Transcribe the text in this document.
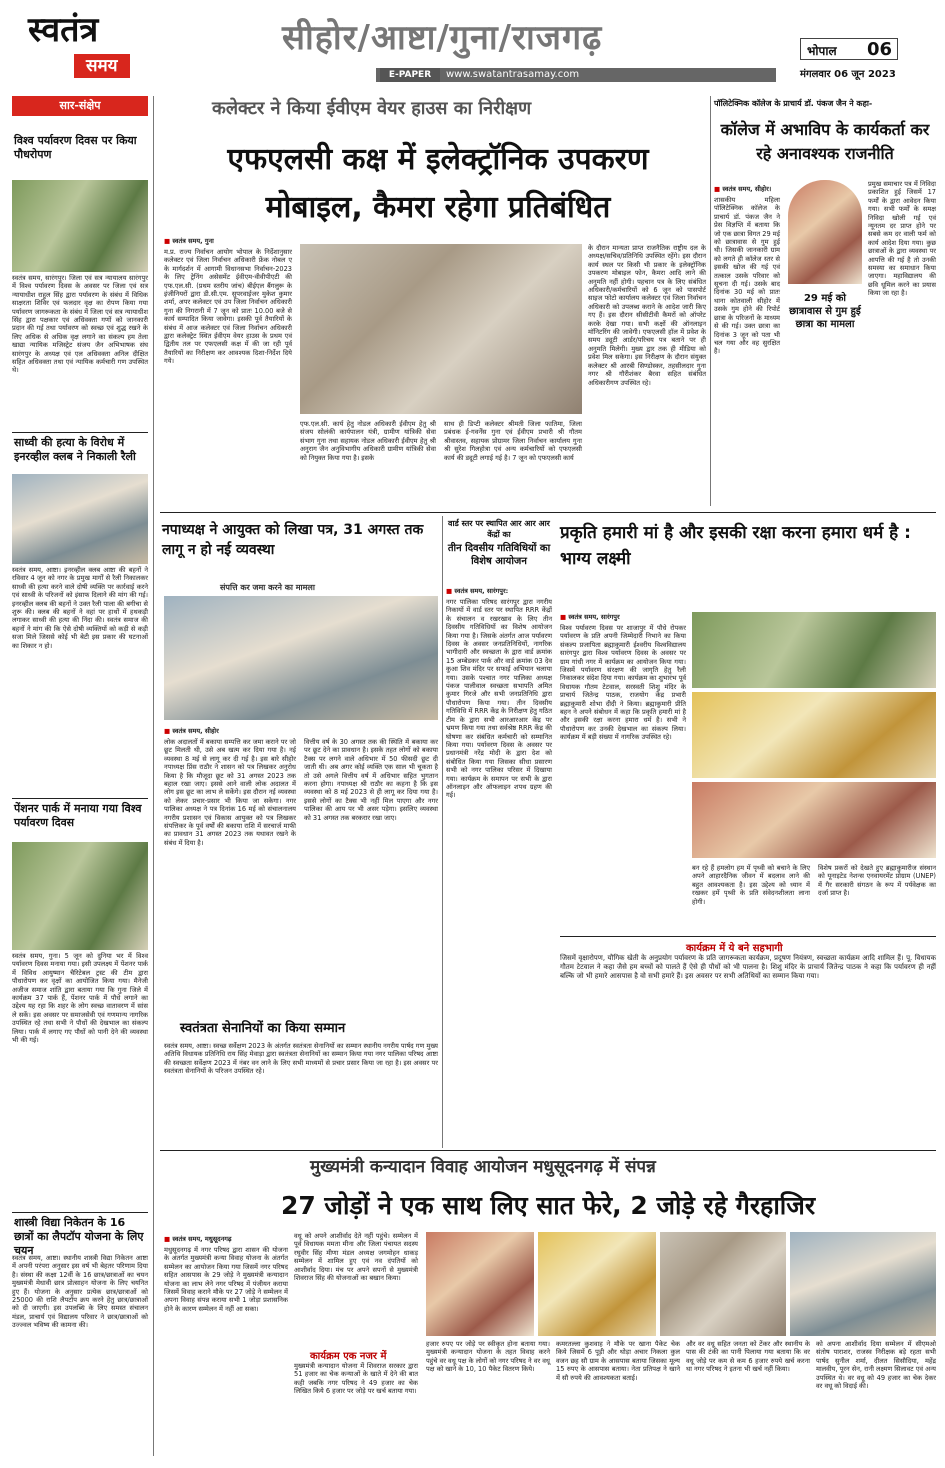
स्वतंत्र
समय
सीहोर/आष्टा/गुना/राजगढ़
E-PAPER	www.swatantrasamay.com
भोपाल 06
मंगलवार 06 जून 2023
सार-संक्षेप
विश्व पर्यावरण दिवस पर किया पौधरोपण
स्वतंत्र समय, सारंगपुर। जिला एवं सत्र न्यायालय सारंगपुर में विश्व पर्यावरण दिवस के अवसर पर जिला एवं सत्र न्यायाधीश राहुल सिंह द्वारा पर्यावरण के संबंध में विधिक साक्षरता शिविर एवं फलदार वृक्ष का रोपण किया गया पर्यावरण जागरूकता के संबंध में जिला एवं सत्र न्यायाधीश सिंह द्वारा पक्षकार एवं अधिवक्ता गणों को जानकारी प्रदान की गई तथा पर्यावरण को स्वच्छ एवं शुद्ध रखने के लिए अधिक से अधिक वृक्ष लगाने का संकल्प हम तेला खाद्या न्यायिक मजिस्ट्रेट संजय जैन अभिभाषक संघ सारंगपुर के अध्यक्ष एवं एल अधिवक्ता अनिल दीक्षित सहित अधिवक्ता तथा एवं न्यायिक कर्मचारी गण उपस्थित थे।
साध्वी की हत्या के विरोध में इनरव्हील क्लब ने निकाली रैली
स्वतंत्र समय, आष्टा। इनरव्हील क्लब आष्टा की बहनों ने रविवार 4 जून को नगर के प्रमुख मार्गों से रैली निकालकर साध्वी की हत्या करने वाले दोषी व्यक्ति पर कार्रवाई करने एवं साध्वी के परिजनों को इंसाफ दिलाने की मांग की गई। इनरव्हील क्लब की बहनों ने उक्त रैली पाला की बगीचा से शुरू की। क्लब की बहनों ने वहां पर हाथों में हथकड़ी लगाकर साध्वी की हत्या की निंदा की। स्वतंत्र समाज की बहनों ने मांग की कि ऐसे दोषी व्यक्तियों को कड़ी से कड़ी सजा मिले जिससे कोई भी बेटी इस प्रकार की घटनाओं का शिकार न हो।
पेंशनर पार्क में मनाया गया विश्व पर्यावरण दिवस
स्वतंत्र समय, गुना। 5 जून को दुनिया भर में विश्व पर्यावरण दिवस मनाया गया। इसी उपलक्ष्य में पेंशनर पार्क में विविध आयुष्मान चैरिटेबल ट्रस्ट की टीम द्वारा पौधारोपण कर वृक्षों का आयोजित किया गया। मैनेजी अजीज समाज शांति द्वारा बताया गया कि गुना जिले में कार्यक्रम 37 पार्क हैं, पेंशनर पार्क में पौधे लगाने का उद्देश्य यह रहा कि शहर के लोग स्वच्छ वातावरण में सांस ले सकें। इस अवसर पर समाजसेवी एवं गणमान्य नागरिक उपस्थित रहे तथा सभी ने पौधों की देखभाल का संकल्प लिया। पार्क में लगाए गए पौधों को पानी देने की व्यवस्था भी की गई।
शास्त्री विद्या निकेतन के 16 छात्रों का लैपटॉप योजना के लिए चयन
स्वतंत्र समय, आष्टा। स्थानीय शास्त्री विद्या निकेतन आष्टा में अपनी परंपरा अनुसार इस वर्ष भी बेहतर परिणाम दिया है। संस्था की कक्षा 12वीं के 16 छात्र/छात्राओं का चयन मुख्यमंत्री मेधावी छात्र प्रोत्साहन योजना के लिए चयनित हुए हैं। योजना के अनुसार प्रत्येक छात्र/छात्राओं को 25000 की राशि लैपटॉप क्रय करने हेतु छात्र/छात्राओं को दी जाएगी। इस उपलब्धि के लिए समस्त संचालन मंडल, प्राचार्य एवं विद्यालय परिवार ने छात्र/छात्राओं को उज्ज्वल भविष्य की कामना की।
कलेक्टर ने किया ईवीएम वेयर हाउस का निरीक्षण
एफएलसी कक्ष में इलेक्ट्रॉनिक उपकरण
मोबाइल, कैमरा रहेगा प्रतिबंधित
■ स्वतंत्र समय, गुना
म.प्र. राज्य निर्वाचन आयोग भोपाल के निर्देशानुसार कलेक्टर एवं जिला निर्वाचन अधिकारी फ्रेंक नोबल ए के मार्गदर्शन में आगामी विधानसभा निर्वाचन-2023 के लिए ट्रेनिंग असेसमेंट ईवीएम-वीवीपीएटी की एफ.एल.सी. (प्रथम स्तरीय जांच) बीईएल बैंगलुरू के इंजीनियरों द्वारा डी.सी.एम. सुपरवाईजर मुकेश कुमार शर्मा, अपर कलेक्टर एवं उप जिला निर्वाचन अधिकारी गुना की निगरानी में 7 जून को प्रातः 10.00 बजे से कार्य सम्पादित किया जावेगा। इसकी पूर्व तैयारियों के संबंध में आज कलेक्टर एवं जिला निर्वाचन अधिकारी द्वारा कलेक्ट्रेट स्थित ईवीएम वेयर हाउस के प्रथम एवं द्वितीय तल पर एफएलसी कक्ष में की जा रही पूर्व तैयारियों का निरीक्षण कर आवश्यक दिशा-निर्देश दिये गये।
एफ.एल.सी. कार्य हेतु नोडल अधिकारी ईवीएम हेतु श्री संजय सोलंकी कार्यपालन यंत्री, ग्रामीण यांत्रिकी सेवा संभाग गुना तथा सहायक नोडल अधिकारी ईवीएम हेतु श्री अनुराग जैन अनुविभागीय अधिकारी ग्रामीण यांत्रिकी सेवा को नियुक्त किया गया है। इसके
साथ ही डिप्टी कलेक्टर श्रीमती जिला फातिमा, जिला प्रबंधक ई-गवर्नेंस गुना एवं ईवीएम प्रभारी श्री गौतम श्रीवास्तव, सहायक प्रोग्रामर जिला निर्वाचन कार्यालय गुना श्री सुरेश गिलहोत्रा एवं अन्य कर्मचारियों को एफएलसी कार्य की ड्यूटी लगाई गई है। 7 जून को एफएलसी कार्य
के दौरान मान्यता प्राप्त राजनैतिक राष्ट्रीय दल के अध्यक्ष/सचिव/प्रतिनिधि उपस्थित रहेंगे। इस दौरान कार्य स्थल पर किसी भी प्रकार के इलेक्ट्रॉनिक उपकरण मोबाइल फोन, कैमरा आदि लाने की अनुमति नहीं होगी। पहचान पत्र के लिए संबंधित अधिकारी/कर्मचारियों को 6 जून को पासपोर्ट साइज फोटो कार्यालय कलेक्टर एवं जिला निर्वाचन अधिकारी को उपलब्ध कराने के आदेश जारी किए गए हैं। इस दौरान सीसीटीवी कैमरों को ऑपरेट करके देखा गया। सभी कक्षों की ऑनलाइन मॉनिटरिंग की जावेगी। एफएलसी हॉल में प्रवेश के समय ड्यूटी आर्डर/परिचय पत्र बताने पर ही अनुमति मिलेगी। मुख्य द्वार तक ही मीडिया को प्रवेश मिल सकेगा। इस निरीक्षण के दौरान संयुक्त कलेक्टर श्री आरबी सिण्डोस्कर, तहसीलदार गुना नगर श्री गौरीशंकर बैरवा सहित संबंधित अधिकारीगण उपस्थित रहे।
पॉलिटेक्निक कॉलेज के प्राचार्य डॉ. पंकज जैन ने कहा-
कॉलेज में अभाविप के कार्यकर्ता कर रहे अनावश्यक राजनीति
■ स्वतंत्र समय, सीहोर।
शासकीय महिला पॉलिटेक्निक कॉलेज के प्राचार्य डॉ. पंकज जैन ने प्रेस विज्ञप्ति में बताया कि जो एक छात्रा विगत 29 मई को छात्रावास से गुम हुई थी। जिसकी जानकारी ग्राम को लगते ही कॉलेज स्तर से इसकी खोज की गई एवं तत्काल उसके परिवार को सूचना दी गई। उसके बाद दिनांक 30 मई को प्रातः थाना कोतवाली सीहोर में उसके गुम होने की रिपोर्ट छात्रा के परिजनों के माध्यम से की गई। उक्त छात्रा का दिनांक 3 जून को पता भी चल गया और वह सुरक्षित है।
29 मई को छात्रावास से गुम हुई छात्रा का मामला
प्रमुख समाचार पत्र में निविदा प्रकाशित हुई जिसमें 17 फर्मों के द्वारा आवेदन किया गया। सभी फर्मों के समक्ष निविदा खोली गई एवं न्यूनतम दर प्राप्त होने पर सबसे कम दर वाली फर्म को कार्य आदेश दिया गया। कुछ छात्राओं के द्वारा व्यवस्था पर आपत्ति की गई है तो उनकी समस्या का समाधान किया जाएगा। महाविद्यालय की छवि धूमिल करने का प्रयास किया जा रहा है।
नपाध्यक्ष ने आयुक्त को लिखा पत्र, 31 अगस्त तक लागू न हो नई व्यवस्था
संपत्ति कर जमा करने का मामला
■ स्वतंत्र समय, सीहोर
लोक अदालतों में बकाया सम्पत्ति कर जमा कराने पर जो छूट मिलती थी, उसे अब खत्म कर दिया गया है। नई व्यवस्था 8 मई से लागू कर दी गई है। इस बारे सीहोर नपाध्यक्ष प्रिंस राठौर ने शासन को पत्र लिखकर अनुरोध किया है कि मौजूदा छूट को 31 अगस्त 2023 तक बहाल रखा जाए। इससे आने वाली लोक अदालत में लोग इस छूट का लाभ ले सकेंगे। इस दौरान नई व्यवस्था को लेकर प्रचार-प्रसार भी किया जा सकेगा। नगर पालिका अध्यक्ष ने पत्र दिनांक 16 मई को संचालनालय नगरीय प्रशासन एवं विकास आयुक्त को पत्र लिखकर संपत्तिकर के पूर्व वर्षों की बकाया राशि में सरचार्ज माफी का प्रावधान 31 अगस्त 2023 तक यथावत रखने के संबंध में दिया है।
वित्तीय वर्ष के 30 अगस्त तक की स्थिति में बकाया कर पर छूट देने का प्रावधान है। इसके तहत लोगों को बकाया टैक्स पर लगने वाले अधिभार में 50 फीसदी छूट दी जाती थी। अब अगर कोई व्यक्ति एक साल भी चूकता है तो उसे अगले वित्तीय वर्ष में अधिभार सहित भुगतान करना होगा। नपाध्यक्ष श्री राठौर का कहना है कि इस व्यवस्था को 8 मई 2023 से ही लागू कर दिया गया है। इससे लोगों का टैक्स भी नहीं मिल पाएगा और नगर पालिका की आय पर भी असर पड़ेगा। इसलिए व्यवस्था को 31 अगस्त तक बरकरार रखा जाए।
स्वतंत्रता सेनानियों का किया सम्मान
स्वतंत्र समय, आष्टा। स्वच्छ सर्वेक्षण 2023 के अंतर्गत स्वतंत्रता सेनानियों का सम्मान स्थानीय नगरीय पार्षद गण मुख्य अतिथि विधायक प्रतिनिधि राय सिंह मेवाड़ा द्वारा स्वतंत्रता सेनानियों का सम्मान किया गया नगर पालिका परिषद आष्टा की स्वच्छता सर्वेक्षण 2023 में नंबर वन लाने के लिए सभी माध्यमों से प्रचार प्रसार किया जा रहा है। इस अवसर पर स्वतंत्रता सेनानियों के परिजन उपस्थित रहे।
वार्ड स्तर पर स्थापित आर आर आर केंद्रों का
तीन दिवसीय गतिविधियों का विशेष आयोजन
■ स्वतंत्र समय, सारंगपुर:
नगर पालिका परिषद सारंगपुर द्वारा नगरीय निकायों में वार्ड स्तर पर स्थापित RRR केंद्रों के संचालन व रखरखाव के लिए तीन दिवसीय गतिविधियों का विशेष आयोजन किया गया है। जिसके अंतर्गत आज पर्यावरण दिवस के अवसर जनप्रतिनिधियों, नागरिक भागीदारी और स्वच्छता के द्वारा वार्ड क्रमांक 15 अम्बेडकर पार्क और वार्ड क्रमांक 03 देव कुआ शिव मंदिर पर सफाई अभियान चलाया गया। उसके पश्चात नगर पालिका अध्यक्ष पंकज पालीवाल स्वच्छता सभापति अमित कुमार गिरजे और सभी जनप्रतिनिधि द्वारा पौधारोपण किया गया। तीन दिवसीय गतिविधि में RRR केंद्र के निरीक्षण हेतु गठित टीम के द्वारा सभी आरआरआर केंद्र पर भ्रमण किया गया तथा सर्वश्रेष्ठ RRR केंद्र की घोषणा कर संबंधित कर्मचारी को सम्मानित किया गया। पर्यावरण दिवस के अवसर पर प्रधानमंत्री नरेंद्र मोदी के द्वारा देश को संबोधित किया गया जिसका सीधा प्रसारण सभी को नगर पालिका परिसर में दिखाया गया। कार्यक्रम के समापन पर सभी के द्वारा ऑनलाइन और ऑफलाइन शपथ ग्रहण की गई।
प्रकृति हमारी मां है और इसकी रक्षा करना हमारा धर्म है : भाग्य लक्ष्मी
■ स्वतंत्र समय, सारंगपुर
विश्व पर्यावरण दिवस पर शाजापुर में पौधे रोपकर पर्यावरण के प्रति अपनी जिम्मेदारी निभाने का किया संकल्प प्रजापिता ब्रह्माकुमारी ईश्वरीय विश्वविद्यालय सारंगपुर द्वारा विश्व पर्यावरण दिवस के अवसर पर ग्राम गांधी नगर में कार्यक्रम का आयोजन किया गया। जिसमें पर्यावरण संरक्षण की जागृति हेतु रैली निकालकर संदेश दिया गया। कार्यक्रम का शुभारंभ पूर्व विधायक गौतम टेटवाल, सरस्वती शिशु मंदिर के प्राचार्य जितेन्द्र पाठक, राजयोग केंद्र प्रभारी ब्रह्माकुमारी शोभा दीदी ने किया। ब्रह्माकुमारी प्रीति बहन ने अपने संबोधन में कहा कि प्रकृति हमारी मां है और इसकी रक्षा करना हमारा धर्म है। सभी ने पौधारोपण कर उनकी देखभाल का संकल्प लिया। कार्यक्रम में बड़ी संख्या में नागरिक उपस्थित रहे।
बन रहे हैं हमलोग हम में पृथ्वी को बचाने के लिए अपने आहारदैनिक जीवन में बदलाव लाने की बहुत आवश्यकता है। इस उद्देश्य को ध्यान में रखकर हमें पृथ्वी के प्रति संवेदनशीलता लाना होगी।
विशेष प्रकरों को देखते हुए ब्रह्माकुमारीज संस्थान को यूनाइटेड नेशन्स एनवायरमेंट प्रोग्राम (UNEP) में गैर सरकारी संगठन के रूप में पर्यवेक्षक का दर्जा प्राप्त है।
कार्यक्रम में ये बने सहभागी
जिसमें वृक्षारोपण, यौगिक खेती के अनुप्रयोग पर्यावरण के प्रति जागरूकता कार्यक्रम, प्रदूषण नियंत्रण, स्वच्छता कार्यक्रम आदि शामिल हैं। पू. विधायक गौतम टेटवाल ने कहा जैसे हम बच्चों को पालते हैं ऐसे ही पौधों को भी पालना है। शिशु मंदिर के प्राचार्य जितेन्द्र पाठक ने कहा कि पर्यावरण ही नहीं बल्कि जो भी हमारे आसपास है वो सभी हमारे हैं। इस अवसर पर सभी अतिथियों का सम्मान किया गया।
मुख्यमंत्री कन्यादान विवाह आयोजन मधुसूदनगढ़ में संपन्न
27 जोड़ों ने एक साथ लिए सात फेरे, 2 जोड़े रहे गैरहाजिर
■ स्वतंत्र समय, मधुसूदनगढ़
मधुसूदनगढ़ में नगर परिषद द्वारा शासन की योजना के अंतर्गत मुख्यमंत्री कन्या विवाह योजना के अंतर्गत सम्मेलन का आयोजन किया गया जिसमें नगर परिषद सहित आसपास के 29 जोड़े ने मुख्यमंत्री कन्यादान योजना का लाभ लेने नगर परिषद में पंजीयन कराया जिसमें विवाह कराने मौके पर 27 जोड़े ने सम्मेलन में अपना विवाह संपन्न कराया सभी 1 जोड़ा प्रशासनिक होने के कारण सम्मेलन में नहीं आ सका।
वधू को अपने आशीर्वाद देते नहीं पहुंचे। सम्मेलन में पूर्व विधायक ममता मीना और जिला पंचायत सदस्य रघुवीर सिंह मीणा मंडल अध्यक्ष जगमोहन धाकड़ सम्मेलन में शामिल हुए एवं नव दंपतियों को आशीर्वाद दिया। मंच पर अपने सपनों से मुख्यमंत्री शिवराज सिंह की योजनाओं का बखान किया।
कार्यक्रम एक नजर में
मुख्यमंत्री कन्यादान योजना में शिवराज सरकार द्वारा 51 हजार का चेक कन्याओं के खाते में देने की बात कही जबकि नगर परिषद ने 49 हजार का चेक लिखित किये 6 हजार पर जोड़े पर खर्च बताया गया।
हजार रुपए पर जोड़े पर स्वीकृत होना बताया गया। मुख्यमंत्री कन्यादान योजना के तहत विवाह करने पहुंचे वर वधू पक्ष के लोगों को नगर परिषद ने वर वधू पक्ष को खाने के 10, 10 पैकेट वितरण किये।
कमरतल्ला कुशवाह ने मौके पर खाना पैकेट चेक किये जिसमें 6 पूड़ी और थोड़ा अचार निकला कुल वजन छह सौ ग्राम के आसपास बताया जिसका मूल्य 15 रुपए के आसपास बताया। नेता प्रतिपक्ष ने खाने में सौ रुपये की आवश्यकता बताई।
और वर वधू सहित जनता को टेंकर और स्थानीय के पास की टंकी का पानी पिलाया गया बताया कि वर वधू जोड़े पर कम से कम 6 हजार रुपये खर्च करना था नगर परिषद ने इतना भी खर्च नहीं किया।
को अपना आशीर्वाद दिया सम्मेलन में सीएमओ संतोष पाराशर, राजस्व निरीक्षक बड़े रहता सभी पार्षद सुनील शर्मा, दीलत सिसौदिया, महेंद्र मालवीय, पूरन सेन, रानी लक्ष्मण सिलावट एवं अन्य उपस्थित थे। वर वधू को 49 हजार का चेक देकर वर वधू को विदाई की।
